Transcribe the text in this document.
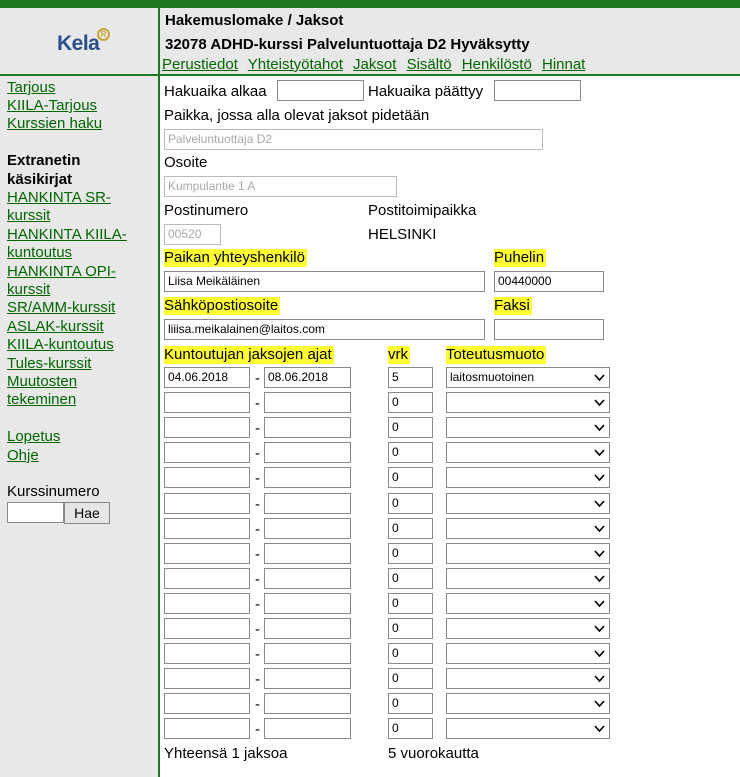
Kela R
Hakemuslomake / Jaksot
32078 ADHD-kurssi Palveluntuottaja D2 Hyväksytty
Perustiedot Yhteistyötahot Jaksot Sisältö Henkilöstö Hinnat
Tarjous
KIILA-Tarjous
Kurssien haku
Extranetin käsikirjat
HANKINTA SR-kurssit
HANKINTA KIILA-kuntoutus
HANKINTA OPI-kurssit
SR/AMM-kurssit
ASLAK-kurssit
KIILA-kuntoutus
Tules-kurssit
Muutosten tekeminen
Lopetus
Ohje
Kurssinumero
Hae
Hakuaika alkaa	Hakuaika päättyy
Paikka, jossa alla olevat jaksot pidetään
Palveluntuottaja D2
Osoite
Kumpulantie 1 A
Postinumero	Postitoimipaikka
00520	HELSINKI
Paikan yhteyshenkilö	Puhelin
Liisa Meikäläinen	00440000
Sähköpostiosoite	Faksi
liiisa.meikalainen@laitos.com
Kuntoutujan jaksojen ajat	vrk	Toteutusmuoto
04.06.2018	- 08.06.2018	5	laitosmuotoinen
-	0
-	0
-	0
-	0
-	0
-	0
-	0
-	0
-	0
-	0
-	0
-	0
-	0
-	0
Yhteensä 1 jaksoa	5 vuorokautta
